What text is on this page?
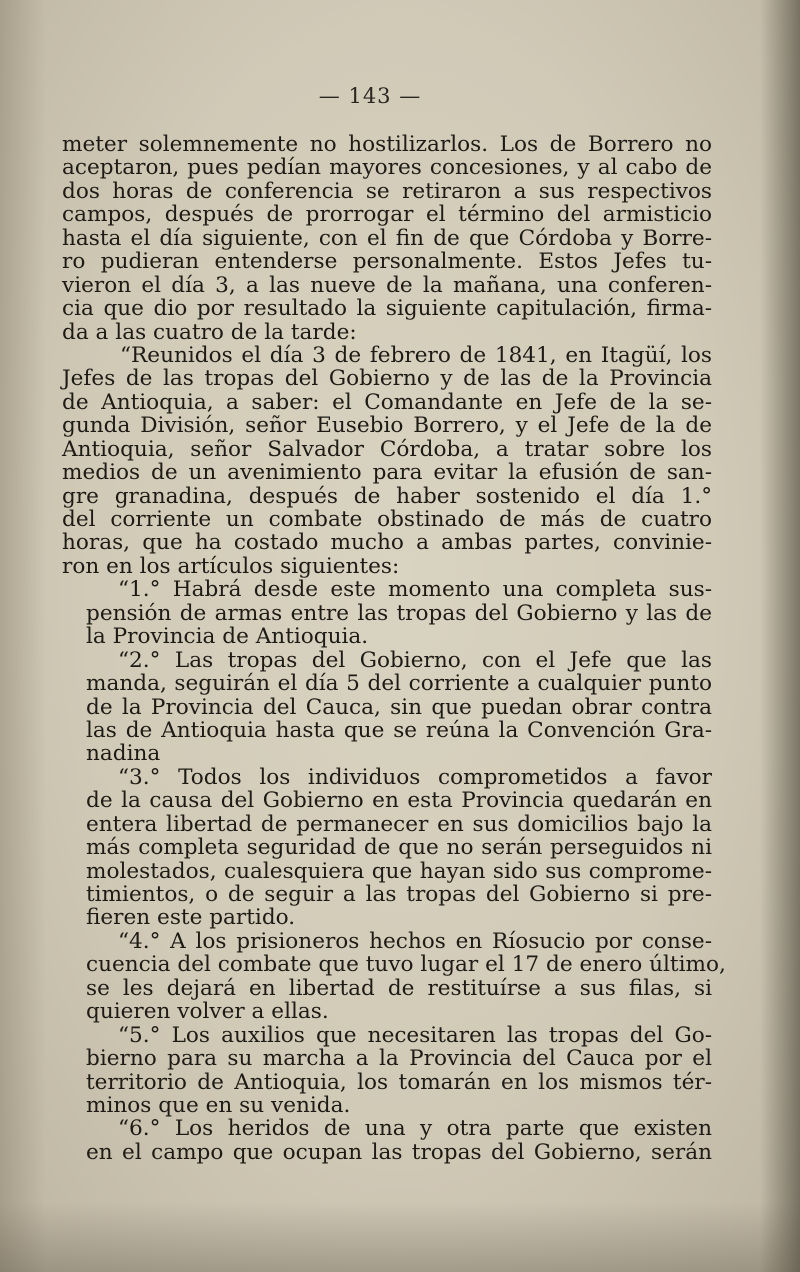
— 143 —
meter solemnemente no hostilizarlos. Los de Borrero no
aceptaron, pues pedían mayores concesiones, y al cabo de
dos horas de conferencia se retiraron a sus respectivos
campos, después de prorrogar el término del armisticio
hasta el día siguiente, con el fin de que Córdoba y Borre-
ro pudieran entenderse personalmente. Estos Jefes tu-
vieron el día 3, a las nueve de la mañana, una conferen-
cia que dio por resultado la siguiente capitulación, firma-
da a las cuatro de la tarde:
“Reunidos el día 3 de febrero de 1841, en Itagüí, los
Jefes de las tropas del Gobierno y de las de la Provincia
de Antioquia, a saber: el Comandante en Jefe de la se-
gunda División, señor Eusebio Borrero, y el Jefe de la de
Antioquia, señor Salvador Córdoba, a tratar sobre los
medios de un avenimiento para evitar la efusión de san-
gre granadina, después de haber sostenido el día 1.°
del corriente un combate obstinado de más de cuatro
horas, que ha costado mucho a ambas partes, convinie-
ron en los artículos siguientes:
“1.° Habrá desde este momento una completa sus-
pensión de armas entre las tropas del Gobierno y las de
la Provincia de Antioquia.
“2.° Las tropas del Gobierno, con el Jefe que las
manda, seguirán el día 5 del corriente a cualquier punto
de la Provincia del Cauca, sin que puedan obrar contra
las de Antioquia hasta que se reúna la Convención Gra-
nadina
“3.° Todos los individuos comprometidos a favor
de la causa del Gobierno en esta Provincia quedarán en
entera libertad de permanecer en sus domicilios bajo la
más completa seguridad de que no serán perseguidos ni
molestados, cualesquiera que hayan sido sus comprome-
timientos, o de seguir a las tropas del Gobierno si pre-
fieren este partido.
“4.° A los prisioneros hechos en Ríosucio por conse-
cuencia del combate que tuvo lugar el 17 de enero último,
se les dejará en libertad de restituírse a sus filas, si
quieren volver a ellas.
“5.° Los auxilios que necesitaren las tropas del Go-
bierno para su marcha a la Provincia del Cauca por el
territorio de Antioquia, los tomarán en los mismos tér-
minos que en su venida.
“6.° Los heridos de una y otra parte que existen
en el campo que ocupan las tropas del Gobierno, serán
